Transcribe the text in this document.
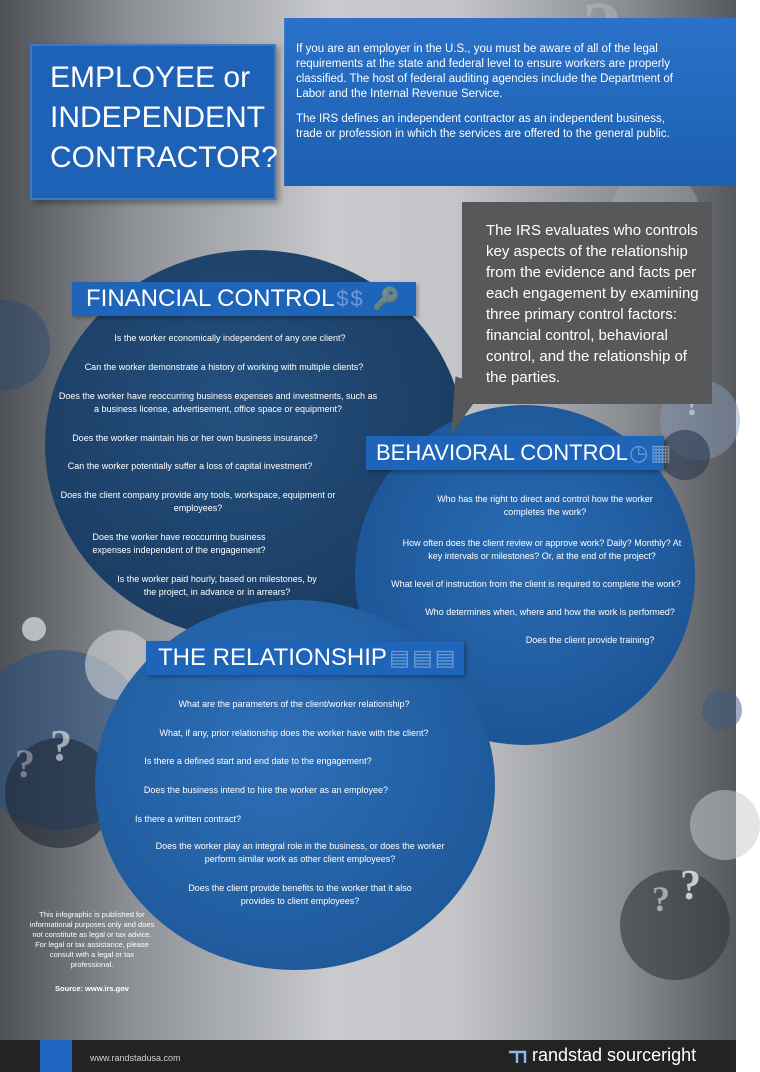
?
?
?
?
EMPLOYEE or
INDEPENDENT
CONTRACTOR?

If you are an employer in the U.S., you must be aware of all of the legal requirements at the state and federal level to ensure workers are properly classified. The host of federal auditing agencies include the Department of Labor and the Internal Revenue Service.

The IRS defines an independent contractor as an independent business, trade or profession in which the services are offered to the general public.

The IRS evaluates who controls key aspects of the relationship from the evidence and facts per each engagement by examining three primary control factors: financial control, behavioral control, and the relationship of the parties.
FINANCIAL CONTROL $$ 🔑
Is the worker economically independent of any one client?
Can the worker demonstrate a history of working with multiple clients?
Does the worker have reoccurring business expenses and investments, such as a business license, advertisement, office space or equipment?
Does the worker maintain his or her own business insurance?
Can the worker potentially suffer a loss of capital investment?
Does the client company provide any tools, workspace, equipment or employees?
Does the worker have reoccurring business expenses independent of the engagement?
Is the worker paid hourly, based on milestones, by the project, in advance or in arrears?
BEHAVIORAL CONTROL ◷▦
Who has the right to direct and control how the worker completes the work?
How often does the client review or approve work? Daily? Monthly? At key intervals or milestones? Or, at the end of the project?
What level of instruction from the client is required to complete the work?
Who determines when, where and how the work is performed?
Does the client provide training?
THE RELATIONSHIP ▤▤▤
What are the parameters of the client/worker relationship?
What, if any, prior relationship does the worker have with the client?
Is there a defined start and end date to the engagement?
Does the business intend to hire the worker as an employee?
Is there a written contract?
Does the worker play an integral role in the business, or does the worker perform similar work as other client employees?
Does the client provide benefits to the worker that it also provides to client employees?
This infographic is published for informational purposes only and does not constitute as legal or tax advice. For legal or tax assistance, please consult with a legal or tax professional.
Source: www.irs.gov
www.randstadusa.com	randstad sourceright
